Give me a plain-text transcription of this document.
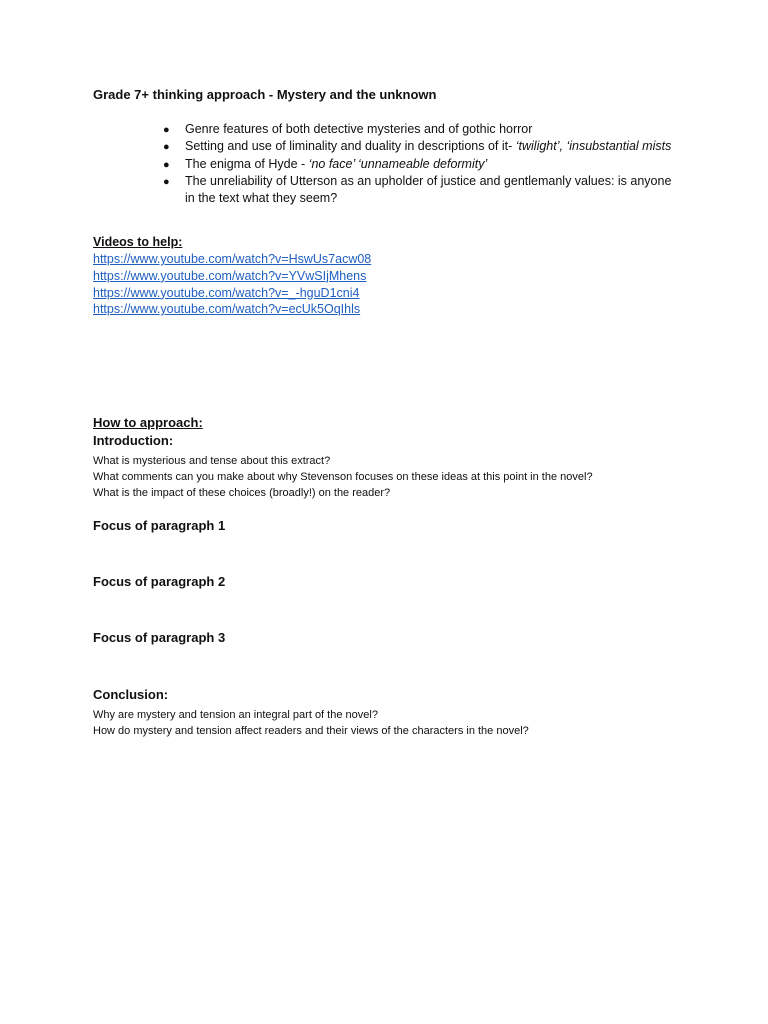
Grade 7+ thinking approach - Mystery and the unknown
● Genre features of both detective mysteries and of gothic horror
● Setting and use of liminality and duality in descriptions of it- ‘twilight’, ‘insubstantial mists
● The enigma of Hyde - ‘no face’ ‘unnameable deformity’
● The unreliability of Utterson as an upholder of justice and gentlemanly values: is anyone in the text what they seem?
Videos to help:
https://www.youtube.com/watch?v=HswUs7acw08
https://www.youtube.com/watch?v=YVwSIjMhens
https://www.youtube.com/watch?v=_-hguD1cni4
https://www.youtube.com/watch?v=ecUk5OqIhls
How to approach:
Introduction:
What is mysterious and tense about this extract?
What comments can you make about why Stevenson focuses on these ideas at this point in the novel?
What is the impact of these choices (broadly!) on the reader?
Focus of paragraph 1
Focus of paragraph 2
Focus of paragraph 3
Conclusion:
Why are mystery and tension an integral part of the novel?
How do mystery and tension affect readers and their views of the characters in the novel?
